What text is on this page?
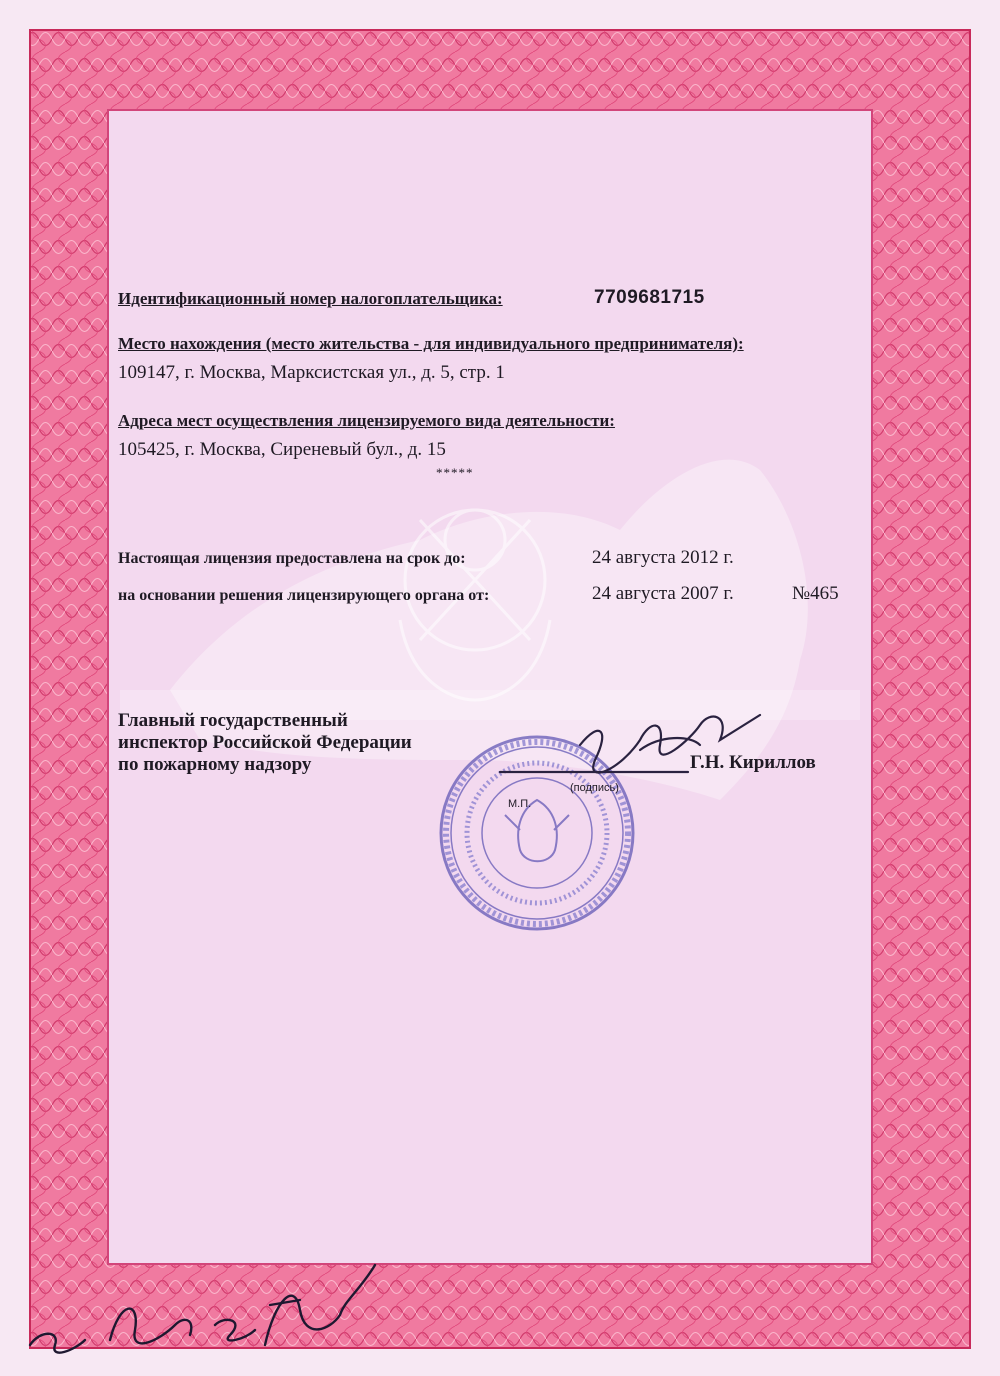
Идентификационный номер налогоплательщика:	7709681715
Место нахождения (место жительства - для индивидуального предпринимателя):
109147, г. Москва, Марксистская ул., д. 5, стр. 1
Адреса мест осуществления лицензируемого вида деятельности:
105425, г. Москва, Сиреневый бул., д. 15
*****
Настоящая лицензия предоставлена на срок до:	24 августа 2012 г.
на основании решения лицензирующего органа от:	24 августа 2007 г.	№465
Главный государственный
инспектор Российской Федерации
по пожарному надзору	Г.Н. Кириллов
(подпись)
М.П.
